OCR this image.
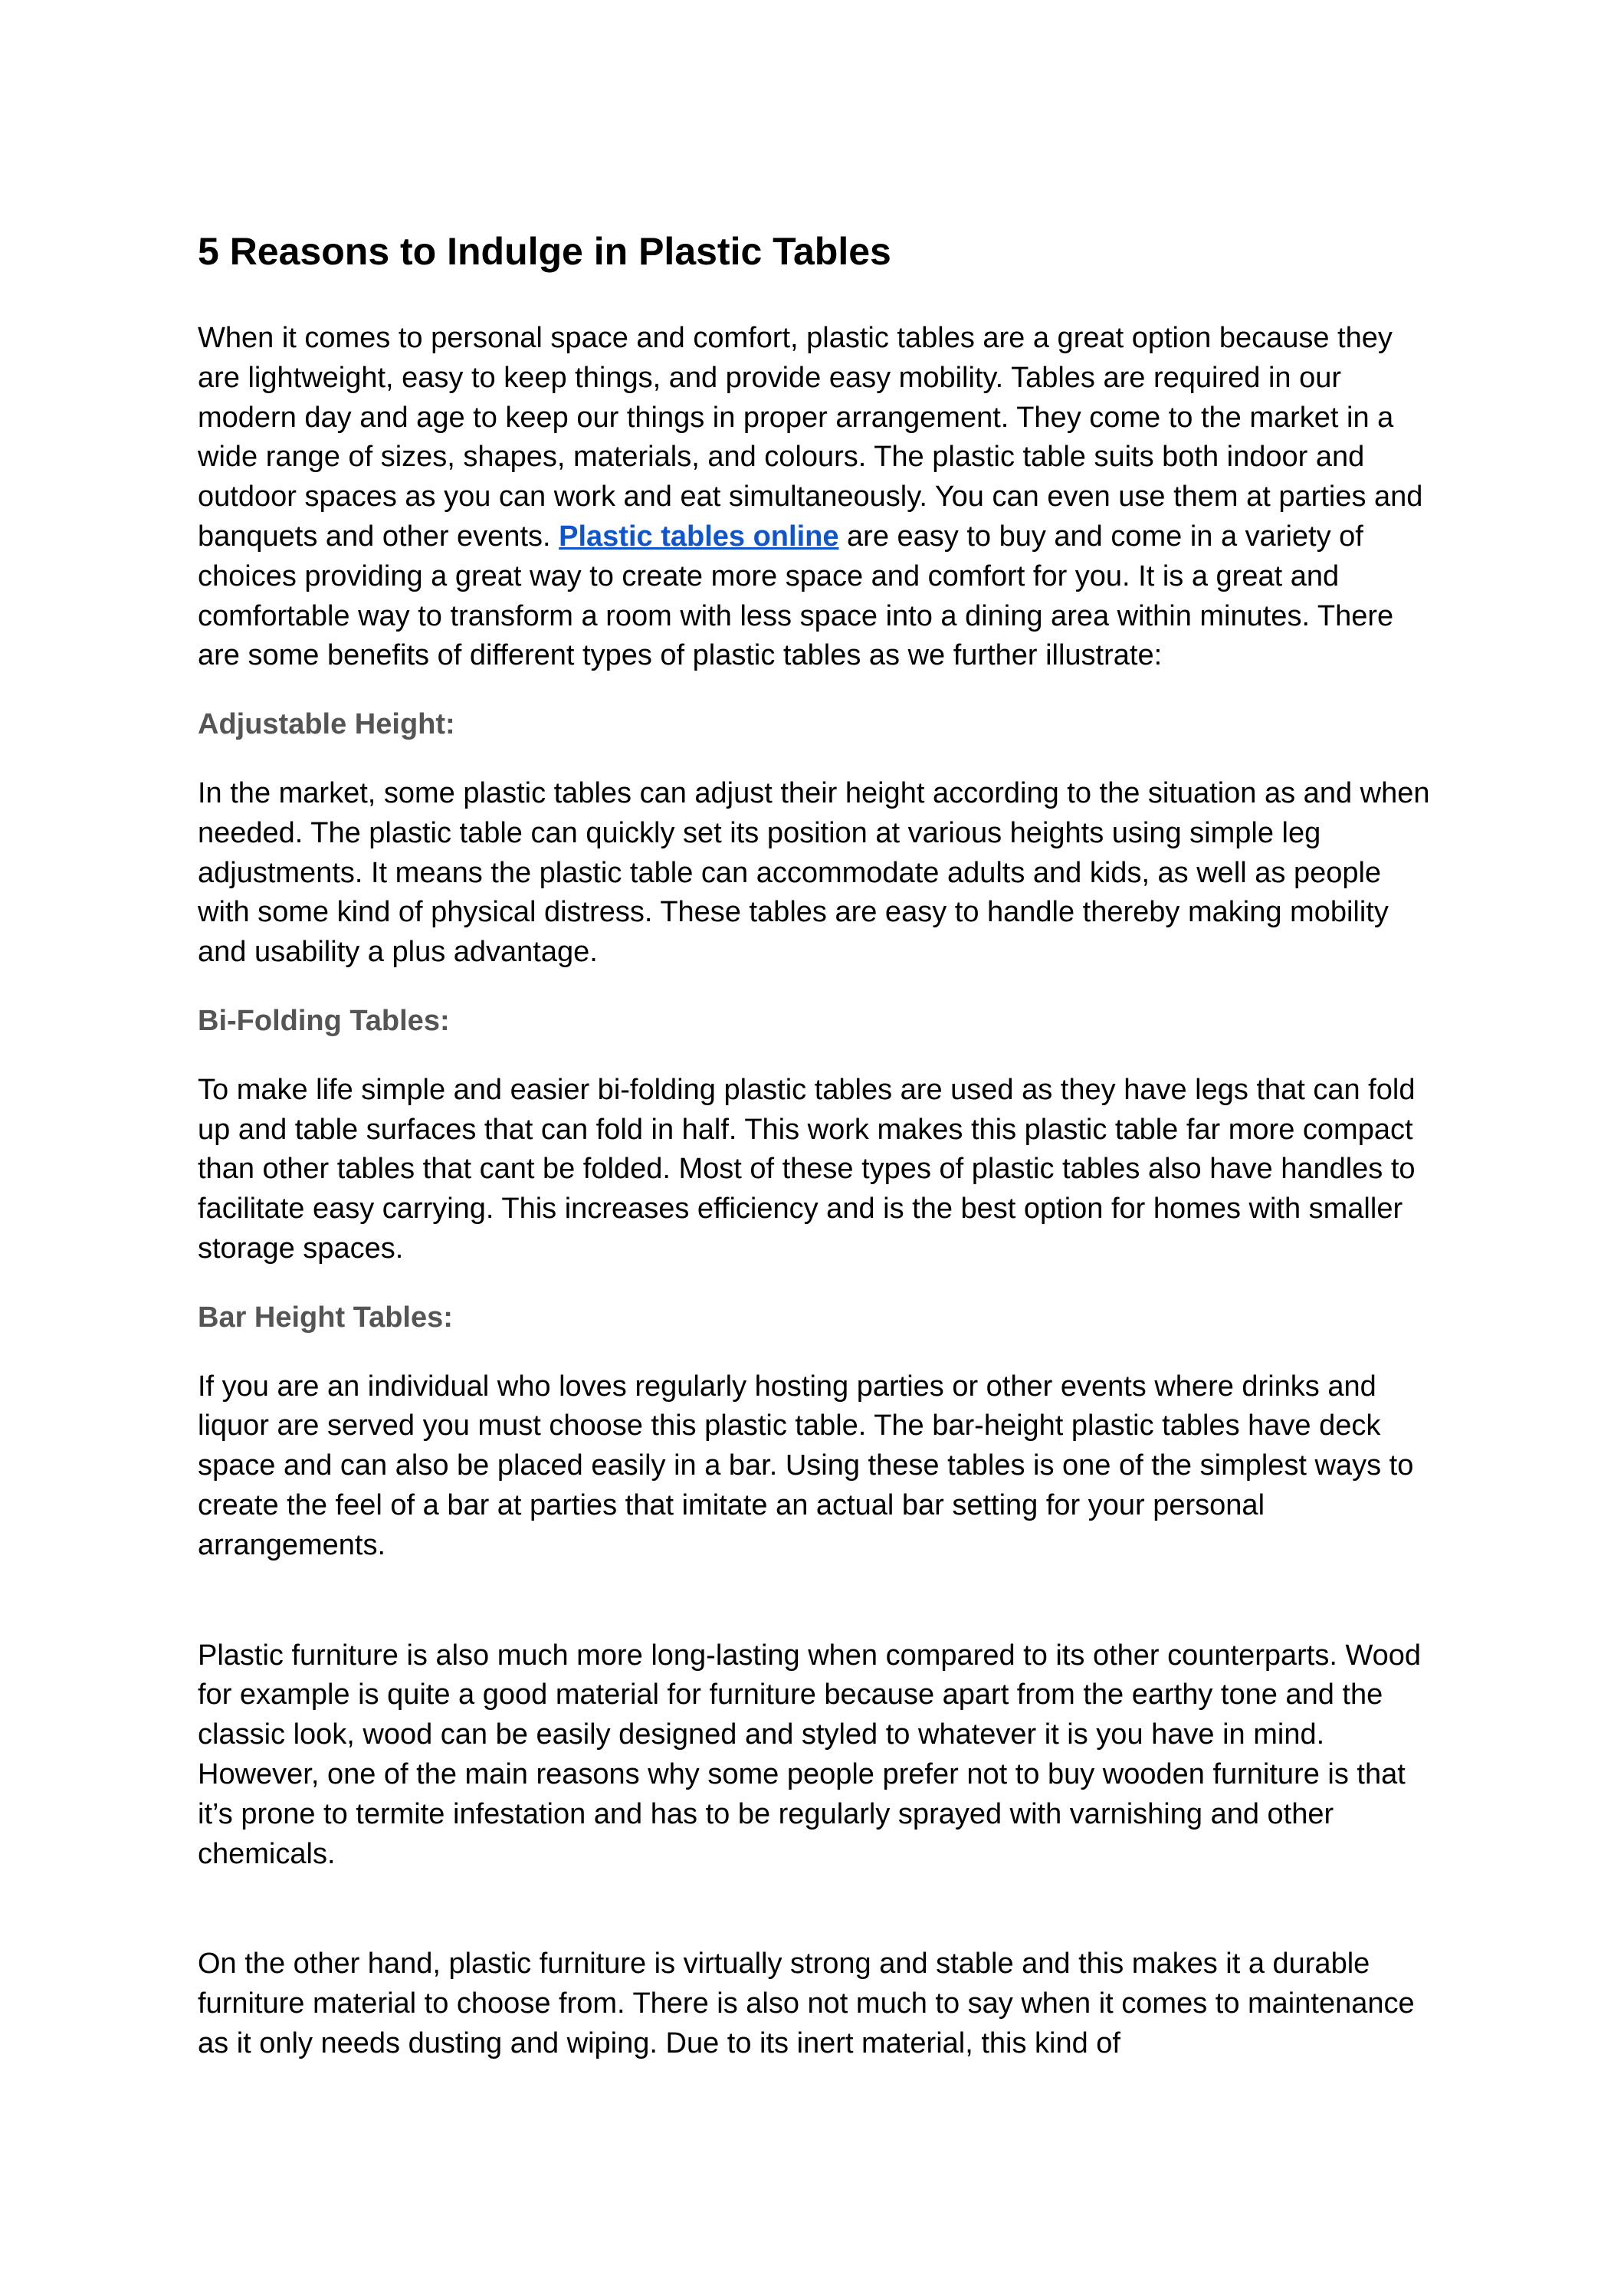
5 Reasons to Indulge in Plastic Tables

When it comes to personal space and comfort, plastic tables are a great option because they are lightweight, easy to keep things, and provide easy mobility. Tables are required in our modern day and age to keep our things in proper arrangement. They come to the market in a wide range of sizes, shapes, materials, and colours. The plastic table suits both indoor and outdoor spaces as you can work and eat simultaneously. You can even use them at parties and banquets and other events. Plastic tables online are easy to buy and come in a variety of choices providing a great way to create more space and comfort for you. It is a great and comfortable way to transform a room with less space into a dining area within minutes. There are some benefits of different types of plastic tables as we further illustrate:

Adjustable Height:

In the market, some plastic tables can adjust their height according to the situation as and when needed. The plastic table can quickly set its position at various heights using simple leg adjustments. It means the plastic table can accommodate adults and kids, as well as people with some kind of physical distress. These tables are easy to handle thereby making mobility and usability a plus advantage.

Bi-Folding Tables:

To make life simple and easier bi-folding plastic tables are used as they have legs that can fold up and table surfaces that can fold in half. This work makes this plastic table far more compact than other tables that cant be folded. Most of these types of plastic tables also have handles to facilitate easy carrying. This increases efficiency and is the best option for homes with smaller storage spaces.

Bar Height Tables:

If you are an individual who loves regularly hosting parties or other events where drinks and liquor are served you must choose this plastic table. The bar-height plastic tables have deck space and can also be placed easily in a bar. Using these tables is one of the simplest ways to create the feel of a bar at parties that imitate an actual bar setting for your personal arrangements.

Plastic furniture is also much more long-lasting when compared to its other counterparts. Wood for example is quite a good material for furniture because apart from the earthy tone and the classic look, wood can be easily designed and styled to whatever it is you have in mind. However, one of the main reasons why some people prefer not to buy wooden furniture is that it’s prone to termite infestation and has to be regularly sprayed with varnishing and other chemicals.

On the other hand, plastic furniture is virtually strong and stable and this makes it a durable furniture material to choose from. There is also not much to say when it comes to maintenance as it only needs dusting and wiping. Due to its inert material, this kind of
